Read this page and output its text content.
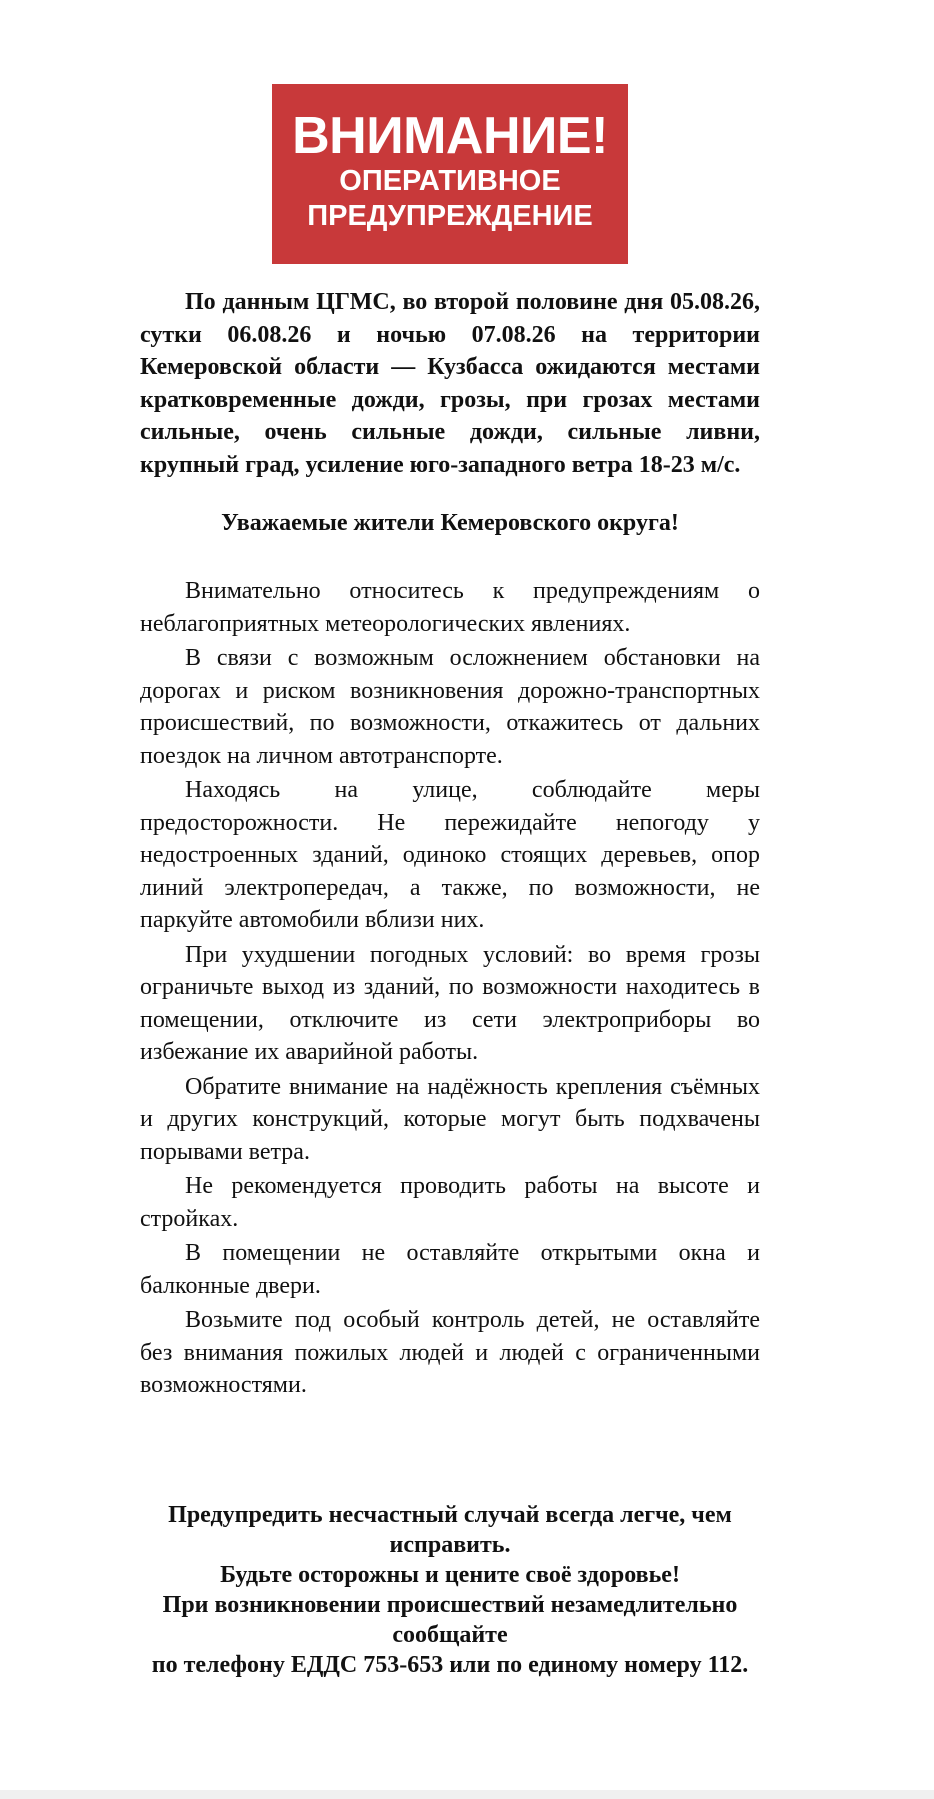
ВНИМАНИЕ!
ОПЕРАТИВНОЕ
ПРЕДУПРЕЖДЕНИЕ

По данным ЦГМС, во второй половине дня 05.08.26, сутки 06.08.26 и ночью 07.08.26 на территории Кемеровской области — Кузбасса ожидаются местами кратковременные дожди, грозы, при грозах местами сильные, очень сильные дожди, сильные ливни, крупный град, усиление юго-западного ветра 18-23 м/с.

Уважаемые жители Кемеровского округа!

Внимательно относитесь к предупреждениям о неблагоприятных метеорологических явлениях.

В связи с возможным осложнением обстановки на дорогах и риском возникновения дорожно-транспортных происшествий, по возможности, откажитесь от дальних поездок на личном автотранспорте.

Находясь на улице, соблюдайте меры предосторожности. Не пережидайте непогоду у недостроенных зданий, одиноко стоящих деревьев, опор линий электропередач, а также, по возможности, не паркуйте автомобили вблизи них.

При ухудшении погодных условий: во время грозы ограничьте выход из зданий, по возможности находитесь в помещении, отключите из сети электроприборы во избежание их аварийной работы.

Обратите внимание на надёжность крепления съёмных и других конструкций, которые могут быть подхвачены порывами ветра.

Не рекомендуется проводить работы на высоте и стройках.

В помещении не оставляйте открытыми окна и балконные двери.

Возьмите под особый контроль детей, не оставляйте без внимания пожилых людей и людей с ограниченными возможностями.

Предупредить несчастный случай всегда легче, чем исправить.
Будьте осторожны и цените своё здоровье!
При возникновении происшествий незамедлительно сообщайте
по телефону ЕДДС 753-653 или по единому номеру 112.
